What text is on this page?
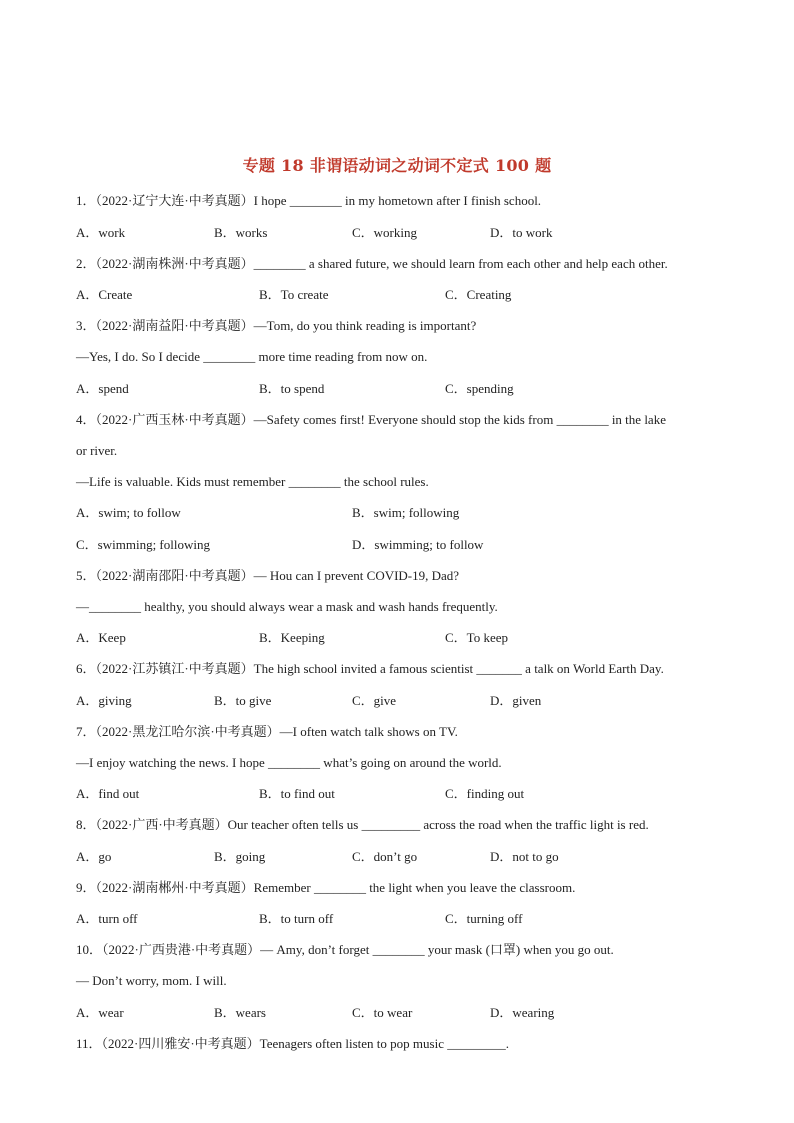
专题 18 非谓语动词之动词不定式 100 题
1．（2022·辽宁大连·中考真题）I hope ________ in my hometown after I finish school.
A．work	B．works	C．working	D．to work
2．（2022·湖南株洲·中考真题）________ a shared future, we should learn from each other and help each other.
A．Create	B．To create	C．Creating
3．（2022·湖南益阳·中考真题）—Tom, do you think reading is important?
—Yes, I do. So I decide ________ more time reading from now on.
A．spend	B．to spend	C．spending
4．（2022·广西玉林·中考真题）—Safety comes first! Everyone should stop the kids from ________ in the lake
or river.
—Life is valuable. Kids must remember ________ the school rules.
A．swim; to follow	B．swim; following
C．swimming; following	D．swimming; to follow
5．（2022·湖南邵阳·中考真题）— Hou can I prevent COVID-19, Dad?
—________ healthy, you should always wear a mask and wash hands frequently.
A．Keep	B．Keeping	C．To keep
6．（2022·江苏镇江·中考真题）The high school invited a famous scientist _______ a talk on World Earth Day.
A．giving	B．to give	C．give	D．given
7．（2022·黑龙江哈尔滨·中考真题）—I often watch talk shows on TV.
—I enjoy watching the news. I hope ________ what’s going on around the world.
A．find out	B．to find out	C．finding out
8．（2022·广西·中考真题）Our teacher often tells us _________ across the road when the traffic light is red.
A．go	B．going	C．don’t go	D．not to go
9．（2022·湖南郴州·中考真题）Remember ________ the light when you leave the classroom.
A．turn off	B．to turn off	C．turning off
10．（2022·广西贵港·中考真题）— Amy, don’t forget ________ your mask (口罩) when you go out.
— Don’t worry, mom. I will.
A．wear	B．wears	C．to wear	D．wearing
11．（2022·四川雅安·中考真题）Teenagers often listen to pop music _________.
